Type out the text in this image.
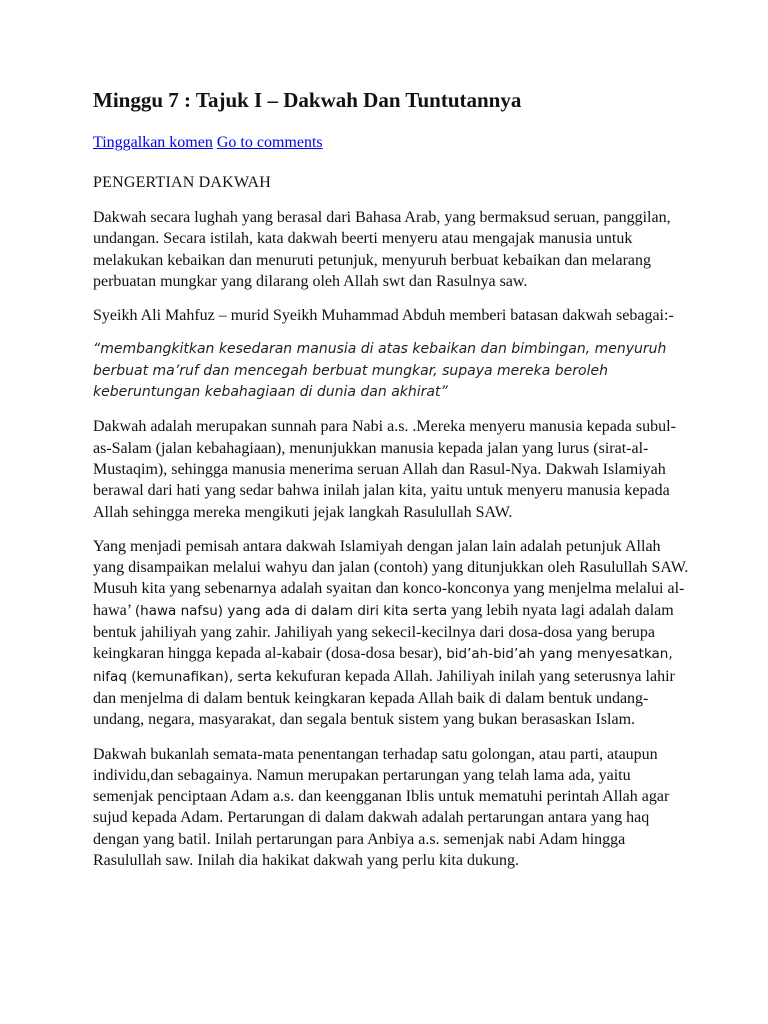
Minggu 7 : Tajuk I – Dakwah Dan Tuntutannya
Tinggalkan komen Go to comments
PENGERTIAN DAKWAH

Dakwah secara lughah yang berasal dari Bahasa Arab, yang bermaksud seruan, panggilan, undangan. Secara istilah, kata dakwah beerti menyeru atau mengajak manusia untuk melakukan kebaikan dan menuruti petunjuk, menyuruh berbuat kebaikan dan melarang perbuatan mungkar yang dilarang oleh Allah swt dan Rasulnya saw.

Syeikh Ali Mahfuz – murid Syeikh Muhammad Abduh memberi batasan dakwah sebagai:-

“membangkitkan kesedaran manusia di atas kebaikan dan bimbingan, menyuruh berbuat ma’ruf dan mencegah berbuat mungkar, supaya mereka beroleh keberuntungan kebahagiaan di dunia dan akhirat”

Dakwah adalah merupakan sunnah para Nabi a.s. .Mereka menyeru manusia kepada subul-as-Salam (jalan kebahagiaan), menunjukkan manusia kepada jalan yang lurus (sirat-al-Mustaqim), sehingga manusia menerima seruan Allah dan Rasul-Nya. Dakwah Islamiyah berawal dari hati yang sedar bahwa inilah jalan kita, yaitu untuk menyeru manusia kepada Allah sehingga mereka mengikuti jejak langkah Rasulullah SAW.

Yang menjadi pemisah antara dakwah Islamiyah dengan jalan lain adalah petunjuk Allah yang disampaikan melalui wahyu dan jalan (contoh) yang ditunjukkan oleh Rasulullah SAW. Musuh kita yang sebenarnya adalah syaitan dan konco-konconya yang menjelma melalui al-hawa’ (hawa nafsu) yang ada di dalam diri kita serta yang lebih nyata lagi adalah dalam bentuk jahiliyah yang zahir. Jahiliyah yang sekecil-kecilnya dari dosa-dosa yang berupa keingkaran hingga kepada al-kabair (dosa-dosa besar), bid’ah-bid’ah yang menyesatkan, nifaq (kemunafikan), serta kekufuran kepada Allah. Jahiliyah inilah yang seterusnya lahir dan menjelma di dalam bentuk keingkaran kepada Allah baik di dalam bentuk undang-undang, negara, masyarakat, dan segala bentuk sistem yang bukan berasaskan Islam.

Dakwah bukanlah semata-mata penentangan terhadap satu golongan, atau parti, ataupun individu,dan sebagainya. Namun merupakan pertarungan yang telah lama ada, yaitu semenjak penciptaan Adam a.s. dan keengganan Iblis untuk mematuhi perintah Allah agar sujud kepada Adam. Pertarungan di dalam dakwah adalah pertarungan antara yang haq dengan yang batil. Inilah pertarungan para Anbiya a.s. semenjak nabi Adam hingga Rasulullah saw. Inilah dia hakikat dakwah yang perlu kita dukung.
